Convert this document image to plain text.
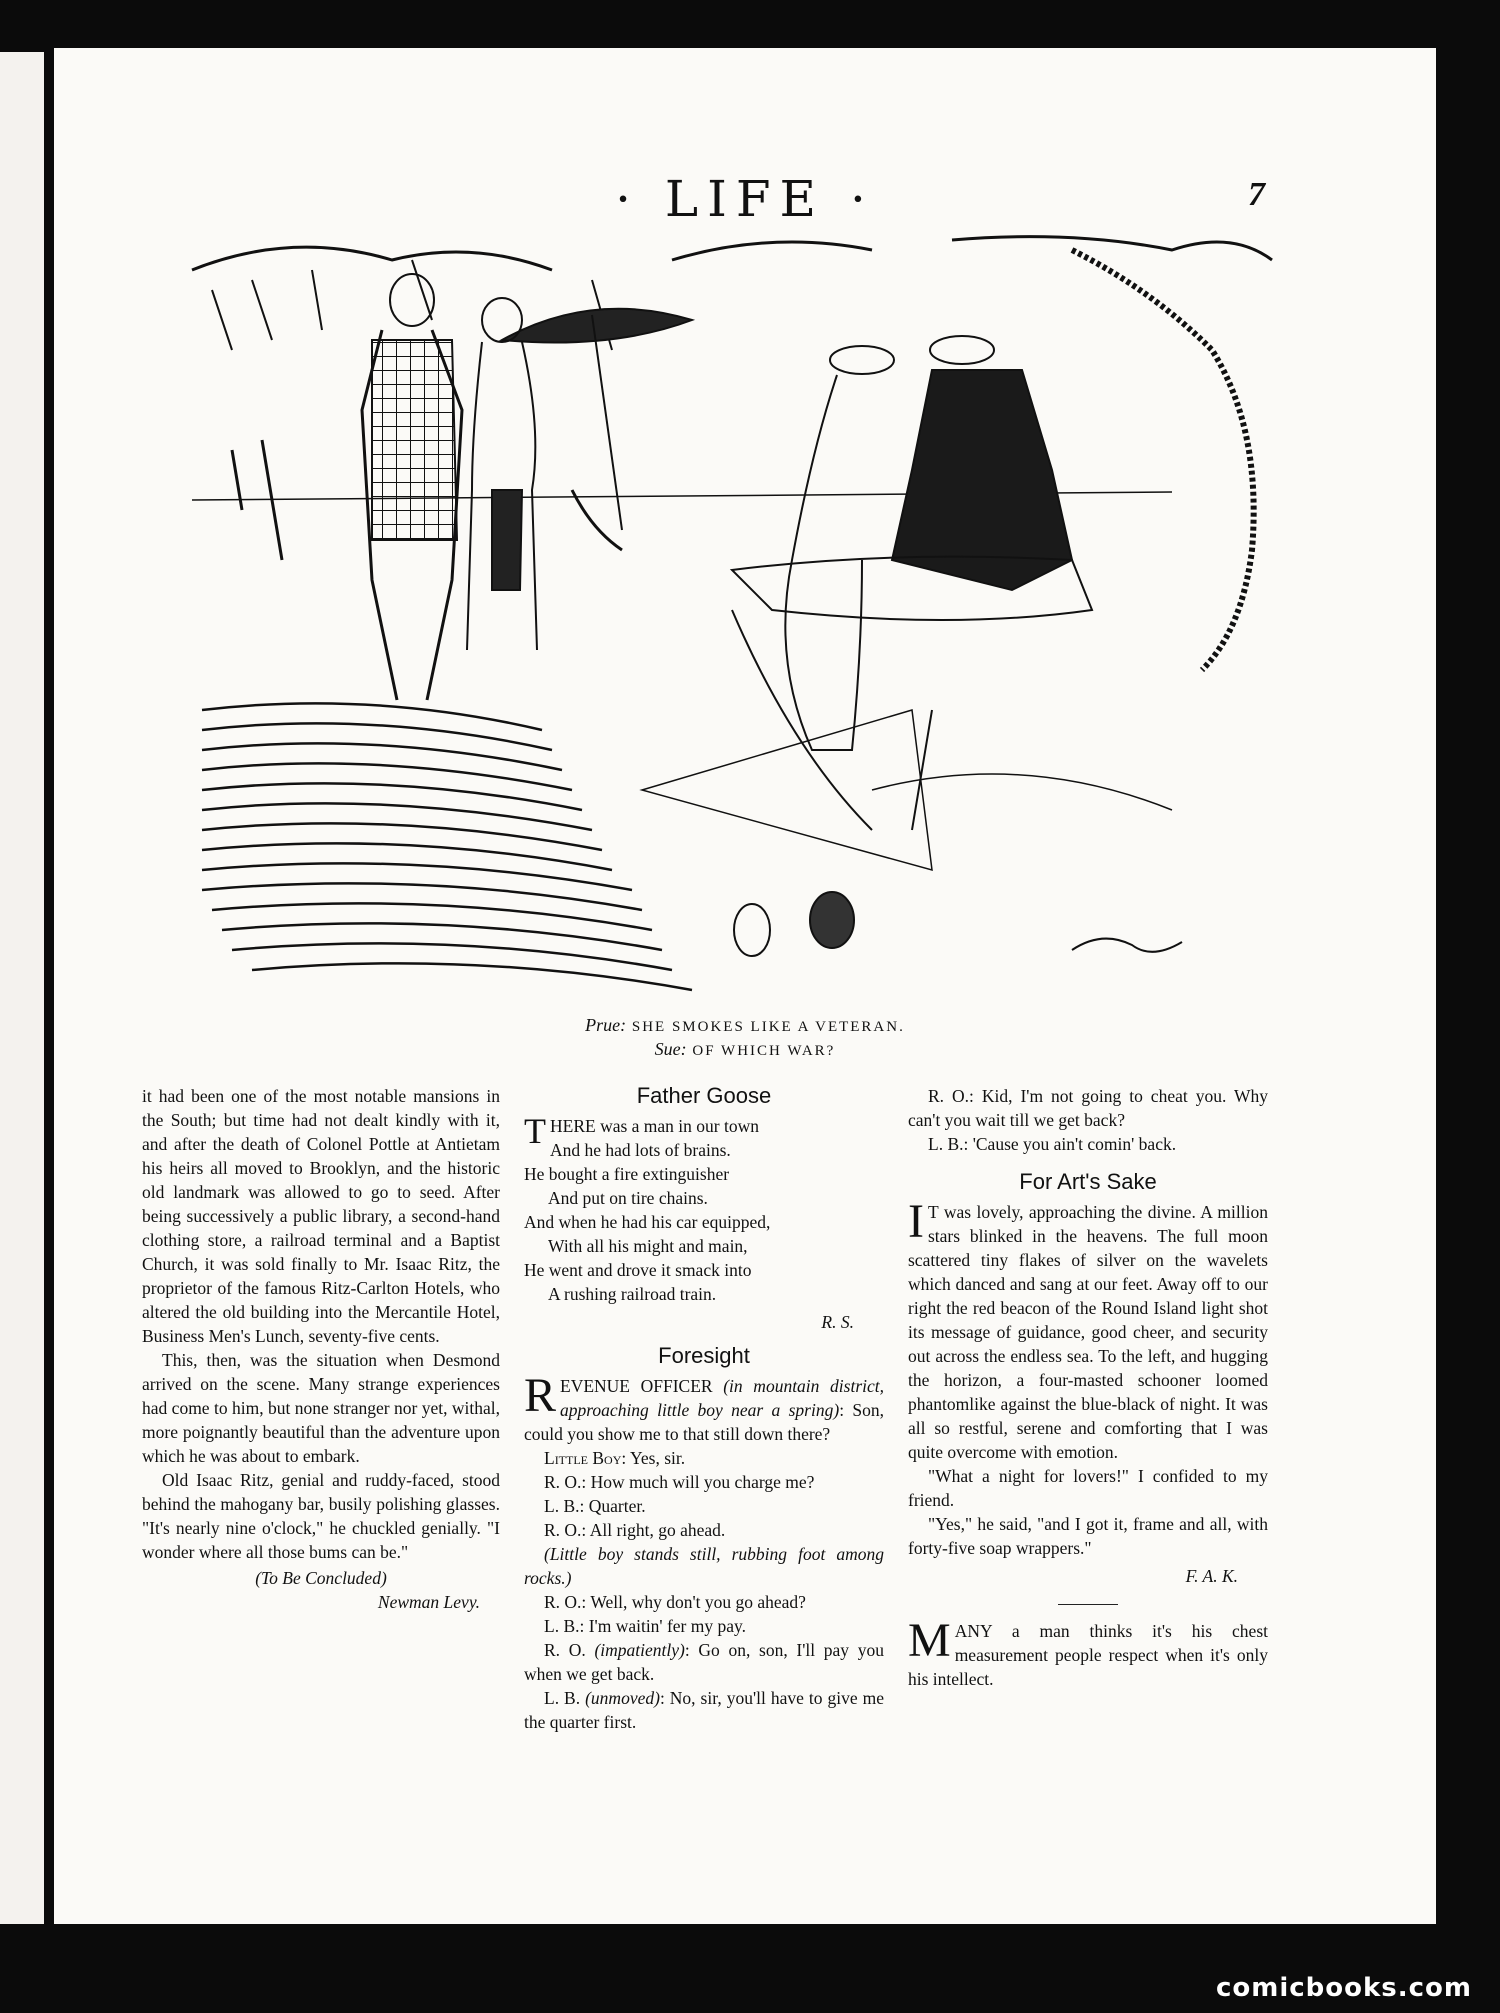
· LIFE ·	7
Prue: SHE SMOKES LIKE A VETERAN.
Sue: OF WHICH WAR?

it had been one of the most notable mansions in the South; but time had not dealt kindly with it, and after the death of Colonel Pottle at Antietam his heirs all moved to Brooklyn, and the historic old landmark was allowed to go to seed. After being successively a public library, a second-hand clothing store, a railroad terminal and a Baptist Church, it was sold finally to Mr. Isaac Ritz, the proprietor of the famous Ritz-Carlton Hotels, who altered the old building into the Mercantile Hotel, Business Men's Lunch, seventy-five cents.

This, then, was the situation when Desmond arrived on the scene. Many strange experiences had come to him, but none stranger nor yet, withal, more poignantly beautiful than the adventure upon which he was about to embark.

Old Isaac Ritz, genial and ruddy-faced, stood behind the mahogany bar, busily polishing glasses. "It's nearly nine o'clock," he chuckled genially. "I wonder where all those bums can be."

(To Be Concluded)
Newman Levy.
Father Goose
THERE was a man in our town
And he had lots of brains.
He bought a fire extinguisher
And put on tire chains.
And when he had his car equipped,
With all his might and main,
He went and drove it smack into
A rushing railroad train.
R. S.
Foresight

REVENUE OFFICER (in mountain district, approaching little boy near a spring): Son, could you show me to that still down there?

Little Boy: Yes, sir.

R. O.: How much will you charge me?

L. B.: Quarter.

R. O.: All right, go ahead.

(Little boy stands still, rubbing foot among rocks.)

R. O.: Well, why don't you go ahead?

L. B.: I'm waitin' fer my pay.

R. O. (impatiently): Go on, son, I'll pay you when we get back.

L. B. (unmoved): No, sir, you'll have to give me the quarter first.

R. O.: Kid, I'm not going to cheat you. Why can't you wait till we get back?

L. B.: 'Cause you ain't comin' back.

For Art's Sake

I T was lovely, approaching the divine. A million stars blinked in the heavens. The full moon scattered tiny flakes of silver on the wavelets which danced and sang at our feet. Away off to our right the red beacon of the Round Island light shot its message of guidance, good cheer, and security out across the endless sea. To the left, and hugging the horizon, a four-masted schooner loomed phantomlike against the blue-black of night. It was all so restful, serene and comforting that I was quite overcome with emotion.

"What a night for lovers!" I confided to my friend.

"Yes," he said, "and I got it, frame and all, with forty-five soap wrappers."

F. A. K.

MANY a man thinks it's his chest measurement people respect when it's only his intellect.

comicbooks.com
